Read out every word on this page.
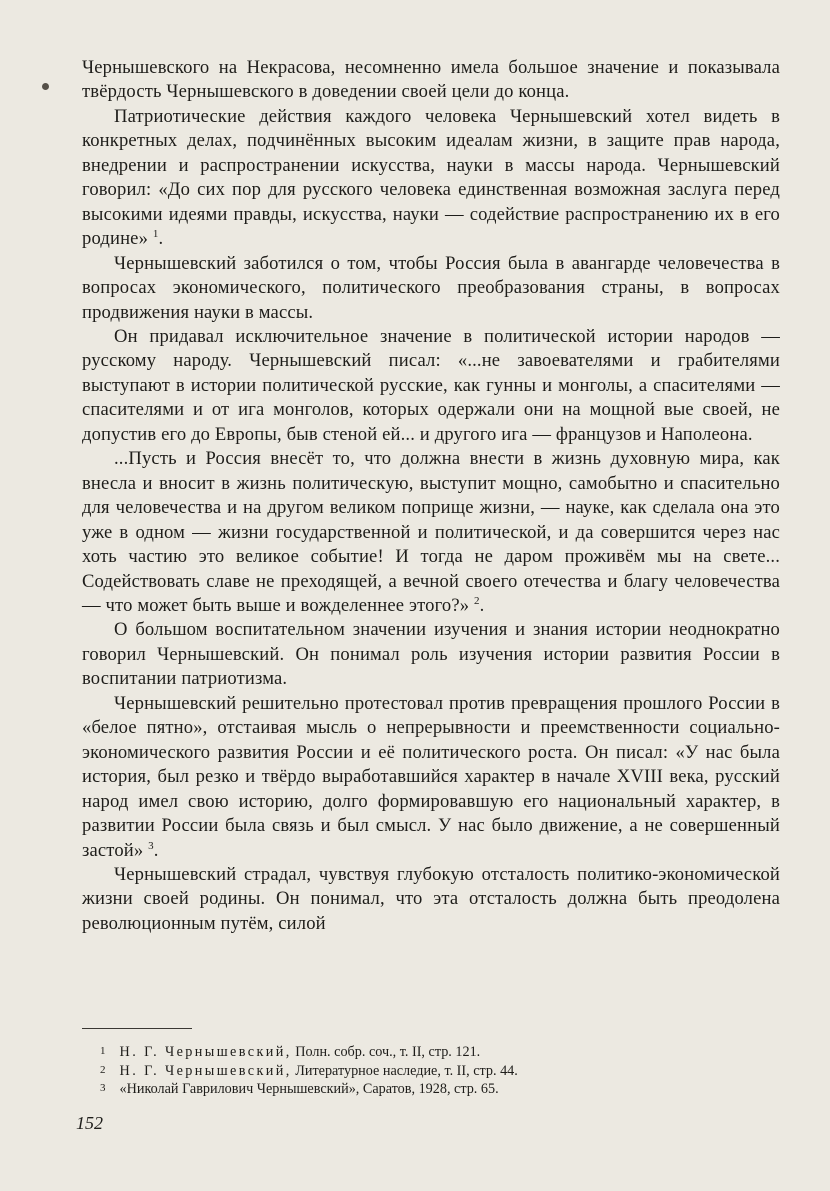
Чернышевского на Некрасова, несомненно имела большое значение и показывала твёрдость Чернышевского в доведении своей цели до конца.

Патриотические действия каждого человека Чернышевский хотел видеть в конкретных делах, подчинённых высоким идеалам жизни, в защите прав народа, внедрении и распространении искусства, науки в массы народа. Чернышевский говорил: «До сих пор для русского человека единственная возможная заслуга перед высокими идеями правды, искусства, науки — содействие распространению их в его родине» $^1$.

Чернышевский заботился о том, чтобы Россия была в авангарде человечества в вопросах экономического, политического преобразования страны, в вопросах продвижения науки в массы.

Он придавал исключительное значение в политической истории народов — русскому народу. Чернышевский писал: «...не завоевателями и грабителями выступают в истории политической русские, как гунны и монголы, а спасителями — спасителями и от ига монголов, которых одержали они на мощной вые своей, не допустив его до Европы, быв стеной ей... и другого ига — французов и Наполеона.

...Пусть и Россия внесёт то, что должна внести в жизнь духовную мира, как внесла и вносит в жизнь политическую, выступит мощно, самобытно и спасительно для человечества и на другом великом поприще жизни, — науке, как сделала она это уже в одном — жизни государственной и политической, и да совершится через нас хоть частию это великое событие! И тогда не даром проживём мы на свете... Содействовать славе не преходящей, а вечной своего отечества и благу человечества — что может быть выше и вожделеннее этого?» $^2$.

О большом воспитательном значении изучения и знания истории неоднократно говорил Чернышевский. Он понимал роль изучения истории развития России в воспитании патриотизма.

Чернышевский решительно протестовал против превращения прошлого России в «белое пятно», отстаивая мысль о непрерывности и преемственности социально-экономического развития России и её политического роста. Он писал: «У нас была история, был резко и твёрдо выработавшийся характер в начале XVIII века, русский народ имел свою историю, долго формировавшую его национальный характер, в развитии России была связь и был смысл. У нас было движение, а не совершенный застой» $^3$.

Чернышевский страдал, чувствуя глубокую отсталость политико-экономической жизни своей родины. Он понимал, что эта отсталость должна быть преодолена революционным путём, силой

1 Н. Г. Чернышевский, Полн. собр. соч., т. II, стр. 121.

2 Н. Г. Чернышевский, Литературное наследие, т. II, стр. 44.

3 «Николай Гаврилович Чернышевский», Саратов, 1928, стр. 65.

152
